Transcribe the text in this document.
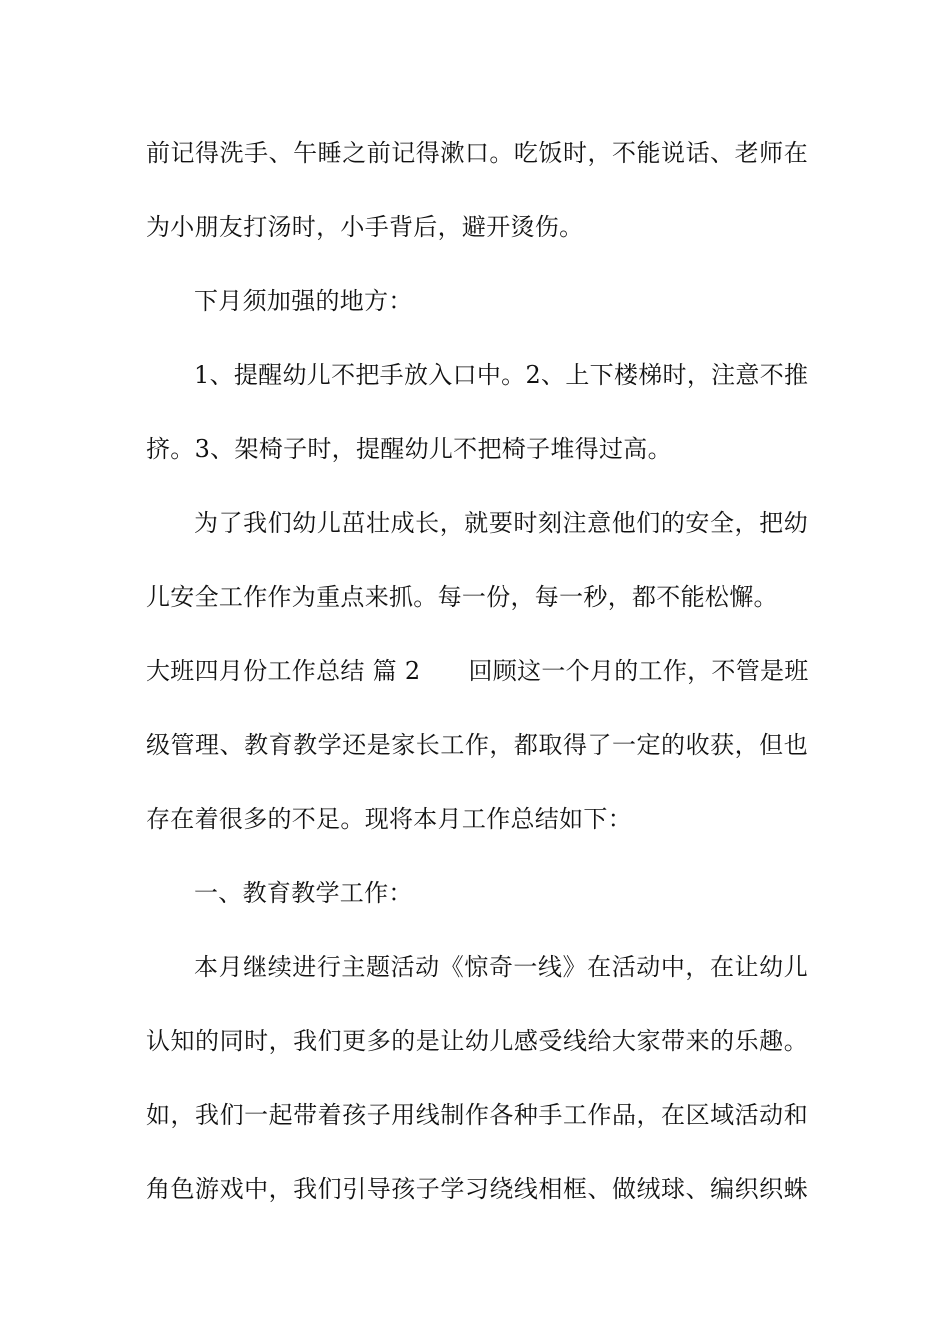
前记得洗手、午睡之前记得漱口。吃饭时，不能说话、老师在
为小朋友打汤时，小手背后，避开烫伤。
下月须加强的地方：
1、提醒幼儿不把手放入口中。2、上下楼梯时，注意不推
挤。3、架椅子时，提醒幼儿不把椅子堆得过高。
为了我们幼儿茁壮成长，就要时刻注意他们的安全，把幼
儿安全工作作为重点来抓。每一份，每一秒，都不能松懈。
大班四月份工作总结 篇 2 回顾这一个月的工作，不管是班
级管理、教育教学还是家长工作，都取得了一定的收获，但也
存在着很多的不足。现将本月工作总结如下：
一、教育教学工作：
本月继续进行主题活动《惊奇一线》在活动中，在让幼儿
认知的同时，我们更多的是让幼儿感受线给大家带来的乐趣。
如，我们一起带着孩子用线制作各种手工作品，在区域活动和
角色游戏中，我们引导孩子学习绕线相框、做绒球、编织织蛛
